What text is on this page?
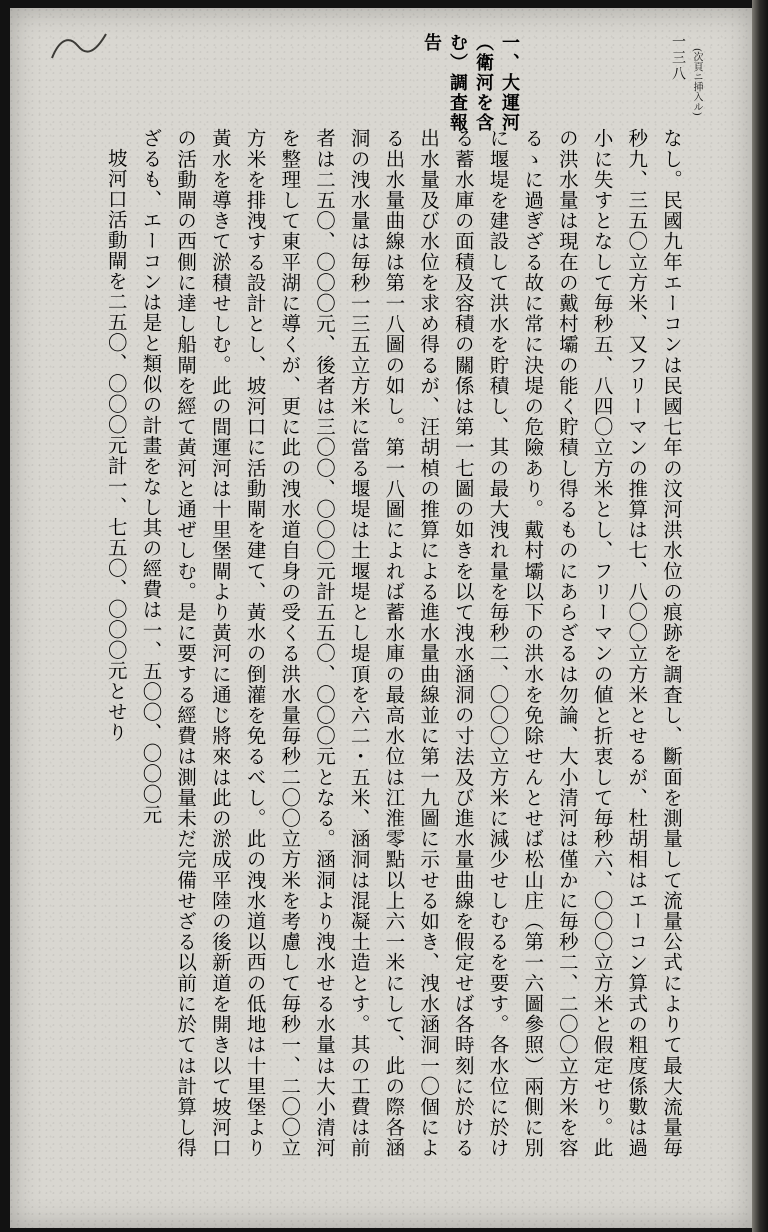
一三八 (次頁ニ挿入ル)
一、大運河（衛河を含む）調査報告

なし。民國九年エーコンは民國七年の汶河洪水位の痕跡を調査し、斷面を測量して流量公式によりて最大流量毎秒九、三五〇立方米、又フリーマンの推算は七、八〇〇立方米とせるが、杜胡相はエーコン算式の粗度係數は過小に失すとなして毎秒五、八四〇立方米とし、フリーマンの値と折衷して毎秒六、〇〇〇立方米と假定せり。此の洪水量は現在の戴村壩の能く貯積し得るものにあらざるは勿論、大小清河は僅かに毎秒二、二〇〇立方米を容るゝに過ぎざる故に常に決堤の危險あり。戴村壩以下の洪水を免除せんとせば松山庄（第一六圖參照）兩側に別に堰堤を建設して洪水を貯積し、其の最大洩れ量を毎秒二、〇〇〇立方米に減少せしむるを要す。各水位に於ける蓄水庫の面積及容積の關係は第一七圖の如きを以て洩水涵洞の寸法及び進水量曲線を假定せば各時刻に於ける出水量及び水位を求め得るが、汪胡楨の推算による進水量曲線並に第一九圖に示せる如き、洩水涵洞一〇個による出水量曲線は第一八圖の如し。第一八圖によれば蓄水庫の最高水位は江淮零點以上六一米にして、此の際各涵洞の洩水量は毎秒一三五立方米に當る堰堤は土堰堤とし堤頂を六二・五米、涵洞は混凝土造とす。其の工費は前者は二五〇、〇〇〇元、後者は三〇〇、〇〇〇元計五五〇、〇〇〇元となる。涵洞より洩水せる水量は大小清河を整理して東平湖に導くが、更に此の洩水道自身の受くる洪水量毎秒二〇〇立方米を考慮して毎秒一、二〇〇立方米を排洩する設計とし、坡河口に活動閘を建て、黃水の倒灌を免るべし。此の洩水道以西の低地は十里堡より黃水を導きて淤積せしむ。此の間運河は十里堡閘より黃河に通じ將來は此の淤成平陸の後新道を開き以て坡河口の活動閘の西側に達し船閘を經て黃河と通ぜしむ。是に要する經費は測量未だ完備せざる以前に於ては計算し得ざるも、エーコンは是と類似の計畫をなし其の經費は一、五〇〇、〇〇〇元

坡河口活動閘を二五〇、〇〇〇元計一、七五〇、〇〇〇元とせり
